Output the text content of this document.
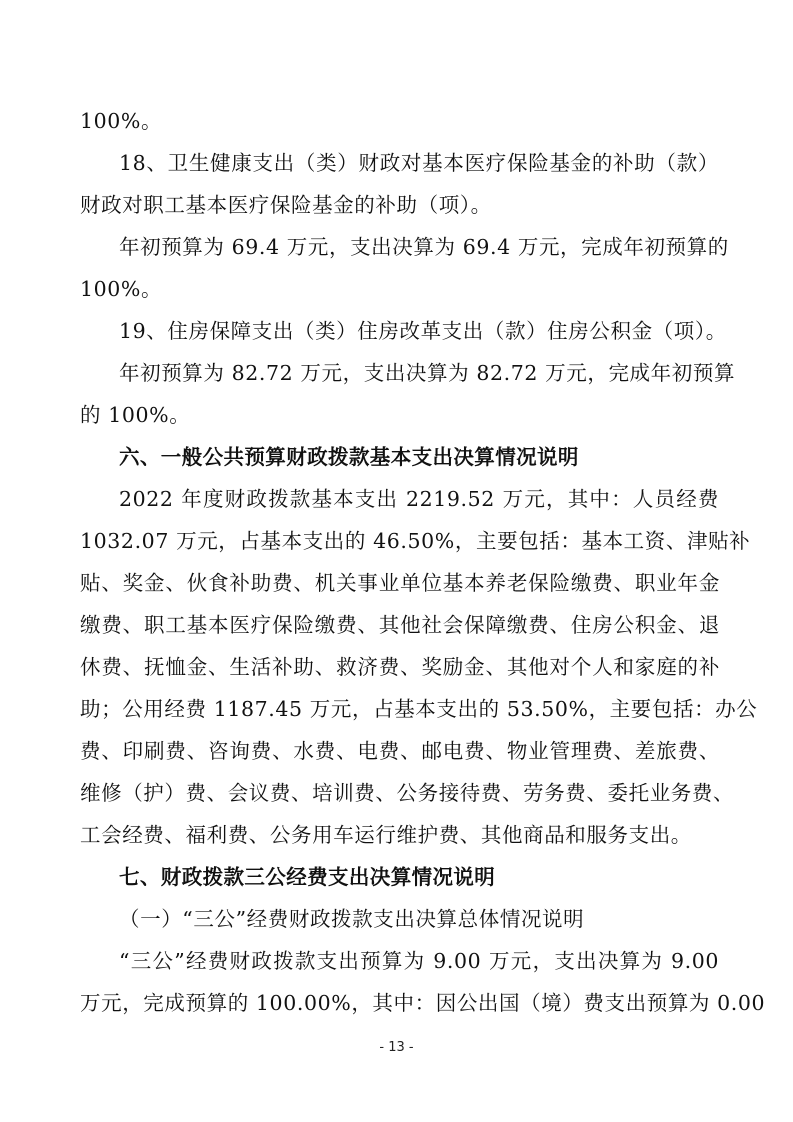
100%。
18、卫生健康支出（类）财政对基本医疗保险基金的补助（款）
财政对职工基本医疗保险基金的补助（项）。
年初预算为 69.4 万元，支出决算为 69.4 万元，完成年初预算的
100%。
19、住房保障支出（类）住房改革支出（款）住房公积金（项）。
年初预算为 82.72 万元，支出决算为 82.72 万元，完成年初预算
的 100%。
六、一般公共预算财政拨款基本支出决算情况说明
2022 年度财政拨款基本支出 2219.52 万元，其中：人员经费
1032.07 万元，占基本支出的 46.50%，主要包括：基本工资、津贴补
贴、奖金、伙食补助费、机关事业单位基本养老保险缴费、职业年金
缴费、职工基本医疗保险缴费、其他社会保障缴费、住房公积金、退
休费、抚恤金、生活补助、救济费、奖励金、其他对个人和家庭的补
助；公用经费 1187.45 万元，占基本支出的 53.50%，主要包括：办公
费、印刷费、咨询费、水费、电费、邮电费、物业管理费、差旅费、
维修（护）费、会议费、培训费、公务接待费、劳务费、委托业务费、
工会经费、福利费、公务用车运行维护费、其他商品和服务支出。
七、财政拨款三公经费支出决算情况说明
（一）“三公”经费财政拨款支出决算总体情况说明
“三公”经费财政拨款支出预算为 9.00 万元，支出决算为 9.00
万元，完成预算的 100.00%，其中：因公出国（境）费支出预算为 0.00
- 13 -
